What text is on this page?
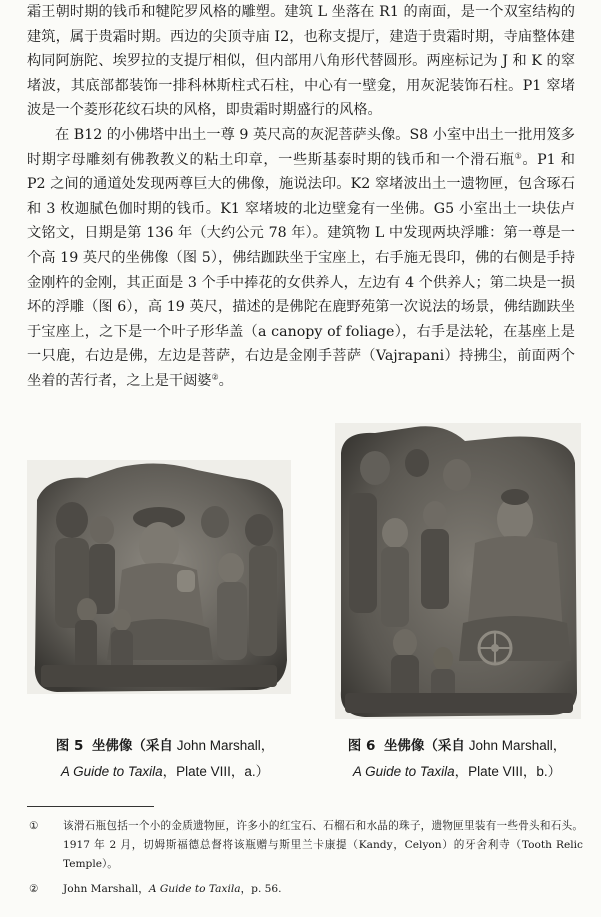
霜王朝时期的钱币和犍陀罗风格的雕塑。建筑 L 坐落在 R1 的南面，是一个双室结构的建筑，属于贵霜时期。西边的尖顶寺庙 I2，也称支提厅，建造于贵霜时期，寺庙整体建构同阿旃陀、埃罗拉的支提厅相似，但内部用八角形代替圆形。两座标记为 J 和 K 的窣堵波，其底部都装饰一排科林斯柱式石柱，中心有一壁龛，用灰泥装饰石柱。P1 窣堵波是一个菱形花纹石块的风格，即贵霜时期盛行的风格。

在 B12 的小佛塔中出土一尊 9 英尺高的灰泥菩萨头像。S8 小室中出土一批用笈多时期字母雕刻有佛教教义的粘土印章，一些斯基泰时期的钱币和一个滑石瓶①。P1 和 P2 之间的通道处发现两尊巨大的佛像，施说法印。K2 窣堵波出土一遗物匣，包含琢石和 3 枚迦腻色伽时期的钱币。K1 窣堵坡的北边壁龛有一坐佛。G5 小室出土一块佉卢文铭文，日期是第 136 年（大约公元 78 年）。建筑物 L 中发现两块浮雕：第一尊是一个高 19 英尺的坐佛像（图 5），佛结跏趺坐于宝座上，右手施无畏印，佛的右侧是手持金刚杵的金刚，其正面是 3 个手中捧花的女供养人，左边有 4 个供养人；第二块是一损坏的浮雕（图 6），高 19 英尺，描述的是佛陀在鹿野苑第一次说法的场景，佛结跏趺坐于宝座上，之下是一个叶子形华盖（a canopy of foliage），右手是法轮，在基座上是一只鹿，右边是佛，左边是菩萨，右边是金刚手菩萨（Vajrapani）持拂尘，前面两个坐着的苦行者，之上是干闼婆②。

图 5 坐佛像（采自 John Marshall，
A Guide to Taxila，Plate VIII，a.）
图 6 坐佛像（采自 John Marshall，
A Guide to Taxila，Plate VIII，b.）
①	该滑石瓶包括一个小的金质遗物匣，许多小的红宝石、石榴石和水晶的珠子，遗物匣里装有一些骨头和石头。1917 年 2 月，切姆斯福德总督将该瓶赠与斯里兰卡康提（Kandy，Celyon）的牙舍利寺（Tooth Relic Temple）。
②	John Marshall，A Guide to Taxila，p. 56.
